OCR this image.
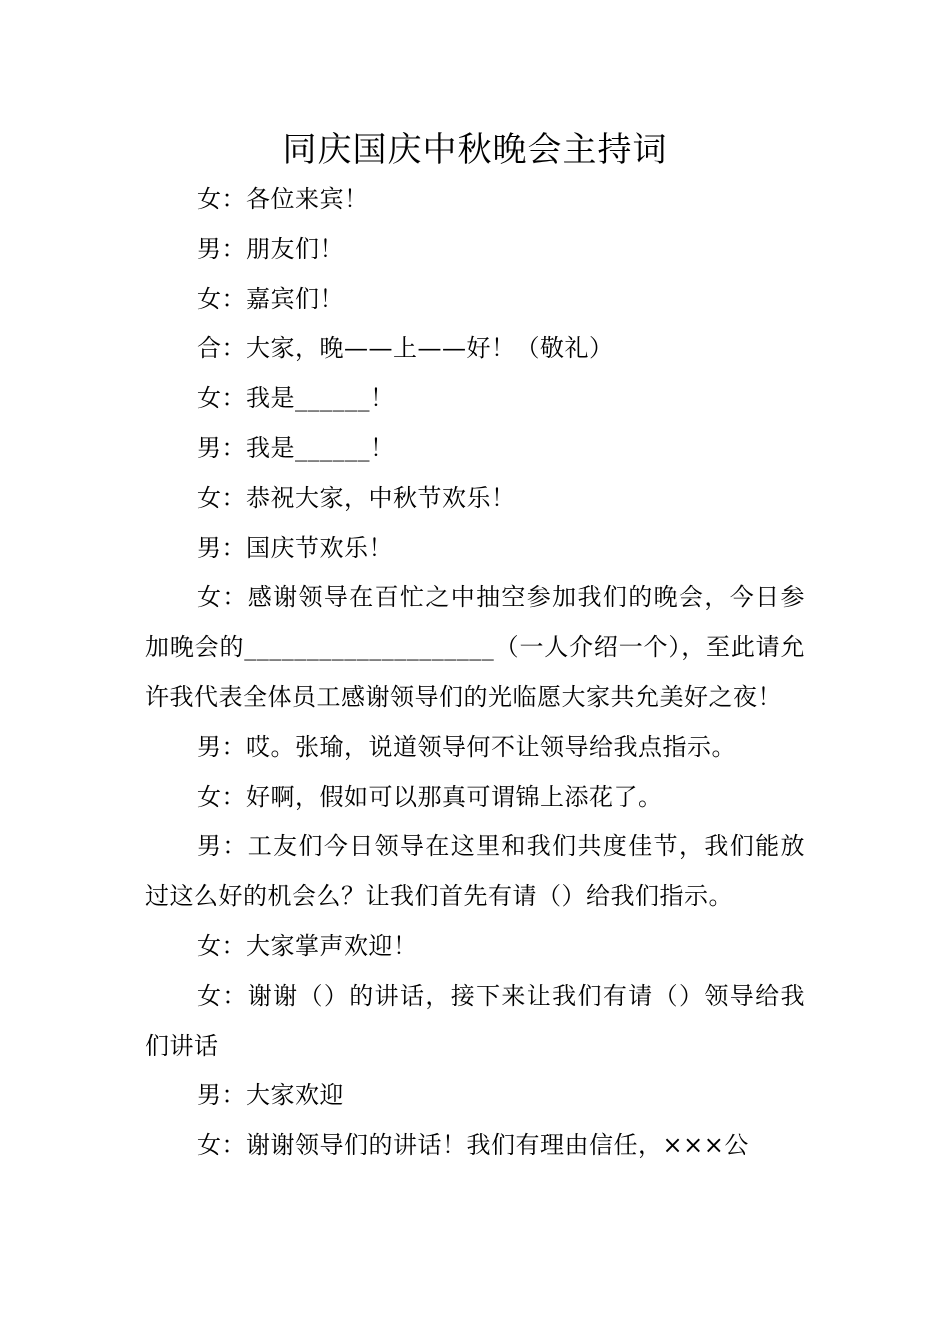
同庆国庆中秋晚会主持词

女：各位来宾！

男：朋友们！

女：嘉宾们！

合：大家，晚——上——好！（敬礼）

女：我是______！

男：我是______！

女：恭祝大家，中秋节欢乐！

男：国庆节欢乐！

女：感谢领导在百忙之中抽空参加我们的晚会，今日参加晚会的____________________（一人介绍一个），至此请允许我代表全体员工感谢领导们的光临愿大家共允美好之夜！

男：哎。张瑜，说道领导何不让领导给我点指示。

女：好啊，假如可以那真可谓锦上添花了。

男：工友们今日领导在这里和我们共度佳节，我们能放过这么好的机会么？让我们首先有请（）给我们指示。

女：大家掌声欢迎！

女：谢谢（）的讲话，接下来让我们有请（）领导给我们讲话

男：大家欢迎

女：谢谢领导们的讲话！我们有理由信任，×××公
